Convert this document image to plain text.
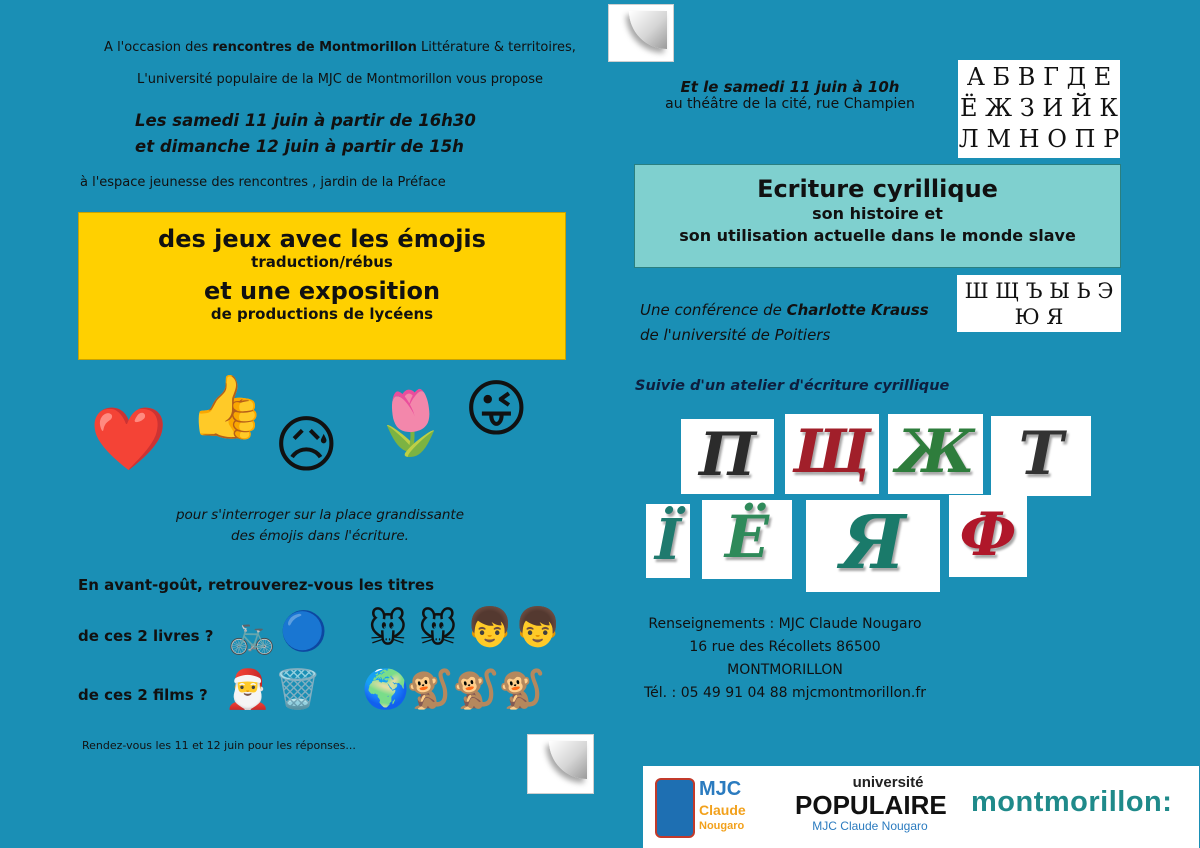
A l'occasion des rencontres de Montmorillon Littérature & territoires,
L'université populaire de la MJC de Montmorillon vous propose
Les samedi 11 juin à partir de 16h30
et dimanche 12 juin à partir de 15h
à l'espace jeunesse des rencontres , jardin de la Préface
des jeux avec les émojis
traduction/rébus
et une exposition
de productions de lycéens
❤️ 👍
😥 🌷 😜
pour s'interroger sur la place grandissante
des émojis dans l'écriture.
En avant-goût, retrouverez-vous les titres
de ces 2 livres ?
de ces 2 films ?
🚲 🔵 🐭 🐭 👦 👦
🎅 🗑️ 🌍
🐒
🐒
🐒
Rendez-vous les 11 et 12 juin pour les réponses...
Et le samedi 11 juin à 10h
au théâtre de la cité, rue Champien
А Б В Г Д Е
Ё Ж З И Й К
Л М Н О П Р
Ecriture cyrillique
son histoire et
son utilisation actuelle dans le monde slave
Ш Щ Ъ Ы Ь Э
Ю Я
Une conférence de Charlotte Krauss
de l'université de Poitiers
Suivie d'un atelier d'écriture cyrillique
П Щ Ж Т
Ї Ë Я Ф
Renseignements : MJC Claude Nougaro
16 rue des Récollets 86500
MONTMORILLON
Tél. : 05 49 91 04 88 mjcmontmorillon.fr
MJC
Claude
Nougaro
université
POPULAIRE
MJC Claude Nougaro
montmorillon:
